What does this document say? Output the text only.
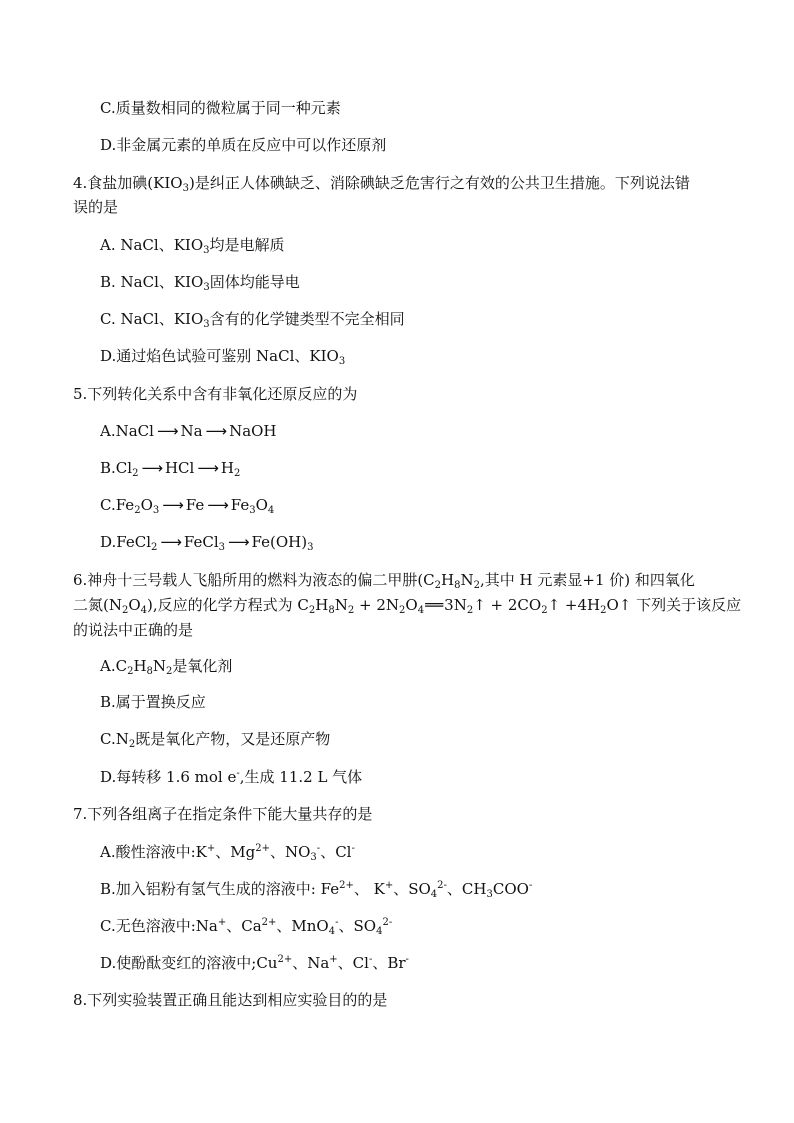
C.质量数相同的微粒属于同一种元素
D.非金属元素的单质在反应中可以作还原剂
4.食盐加碘$(KIO_3)$是纠正人体碘缺乏、消除碘缺乏危害行之有效的公共卫生措施。下列说法错
误的是
A. NaCl、$KIO_3$均是电解质
B. NaCl、$KIO_3$固体均能导电
C. NaCl、$KIO_3$含有的化学键类型不完全相同
D.通过焰色试验可鉴别 NaCl、$KIO_3$
5.下列转化关系中含有非氧化还原反应的为
A.NaCl ⟶ Na ⟶ NaOH
$B.Cl_2$ ⟶ HCl ⟶ $H_2$
$C.Fe_2O_3$ ⟶ Fe ⟶ $Fe_3O_4$
D.FeCl$_2$ ⟶ FeCl$_3$ ⟶ $Fe(OH)_3$
6.神舟十三号载人飞船所用的燃料为液态的偏二甲肼($C_2H_8N_2$,其中 H 元素显+1 价) 和四氧化
二氮$(N_2O_4)$,反应的化学方程式为 $C_2H_8N_2$ + $2N_2O_4══3N_2↑$ + $2CO_2↑$ $+4H_2O↑$ 下列关于该反应
的说法中正确的是
$A.C_2H_8N_2$是氧化剂
B.属于置换反应
$C.N_2$既是氧化产物，又是还原产物
D.每转移 1.6 mol e-,生成 11.2 L 气体
7.下列各组离子在指定条件下能大量共存的是
A.酸性溶液中:K+、$Mg^{2+}$、$NO_3^-$、Cl-
B.加入铝粉有氢气生成的溶液中: $Fe^{2+}$、 K+、$SO_4^{2-}$、$CH_3COO^-$
C.无色溶液中:Na+、$Ca^{2+}$、MnO$_4$-、$SO_4^{2-}$
D.使酚酞变红的溶液中$;Cu^{2+}$、Na+、Cl-、Br-
8.下列实验装置正确且能达到相应实验目的的是
